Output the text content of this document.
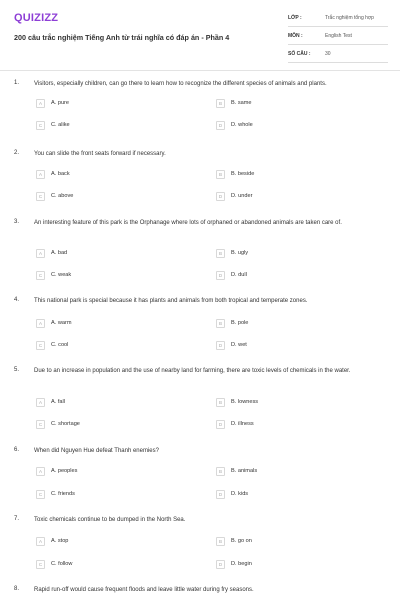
QUIZIZZ
200 câu trắc nghiệm Tiếng Anh từ trái nghĩa có đáp án - Phần 4
LỚP :	Trắc nghiệm tổng hợp
MÔN :	English Test
SỐ CÂU :	30
1. Visitors, especially children, can go there to learn how to recognize the different species of animals and plants.
A	A. pure	B	B. same
C	C. alike	D	D. whole
2. You can slide the front seats forward if necessary.
A	A. back	B	B. beside
C	C. above	D	D. under
3. An interesting feature of this park is the Orphanage where lots of orphaned or abandoned animals are taken care of.
A	A. bad	B	B. ugly
C	C. weak	D	D. dull
4. This national park is special because it has plants and animals from both tropical and temperate zones.
A	A. warm	B	B. pole
C	C. cool	D	D. wet
5. Due to an increase in population and the use of nearby land for farming, there are toxic levels of chemicals in the water.
A	A. fall	B	B. lowness
C	C. shortage	D	D. illness
6. When did Nguyen Hue defeat Thanh enemies?
A	A. peoples	B	B. animals
C	C. friends	D	D. kids
7. Toxic chemicals continue to be dumped in the North Sea.
A	A. stop	B	B. go on
C	C. follow	D	D. begin
8. Rapid run-off would cause frequent floods and leave little water during fry seasons.
